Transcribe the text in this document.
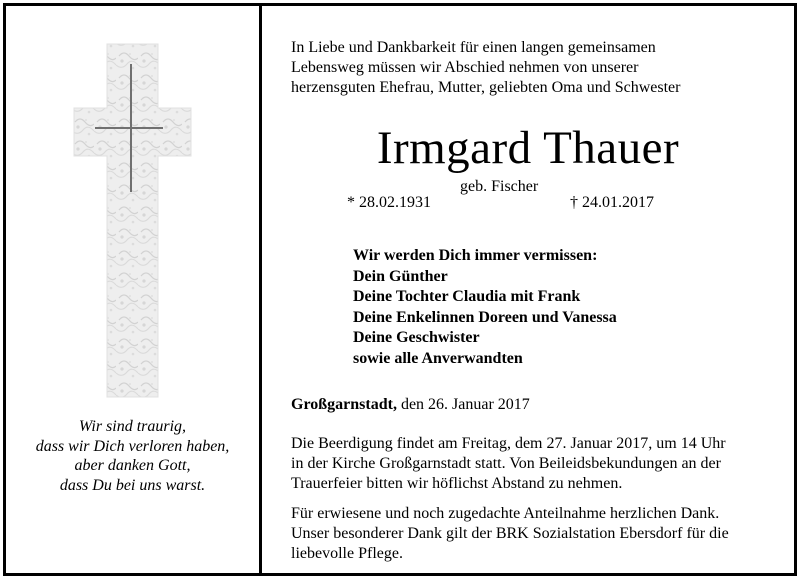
Wir sind traurig,
dass wir Dich verloren haben,
aber danken Gott,
dass Du bei uns warst.
In Liebe und Dankbarkeit für einen langen gemeinsamen
Lebensweg müssen wir Abschied nehmen von unserer
herzensguten Ehefrau, Mutter, geliebten Oma und Schwester
Irmgard Thauer
geb. Fischer
* 28.02.1931	† 24.01.2017
Wir werden Dich immer vermissen:
Dein Günther
Deine Tochter Claudia mit Frank
Deine Enkelinnen Doreen und Vanessa
Deine Geschwister
sowie alle Anverwandten
Großgarnstadt, den 26. Januar 2017
Die Beerdigung findet am Freitag, dem 27. Januar 2017, um 14 Uhr
in der Kirche Großgarnstadt statt. Von Beileidsbekundungen an der
Trauerfeier bitten wir höflichst Abstand zu nehmen.
Für erwiesene und noch zugedachte Anteilnahme herzlichen Dank.
Unser besonderer Dank gilt der BRK Sozialstation Ebersdorf für die
liebevolle Pflege.
